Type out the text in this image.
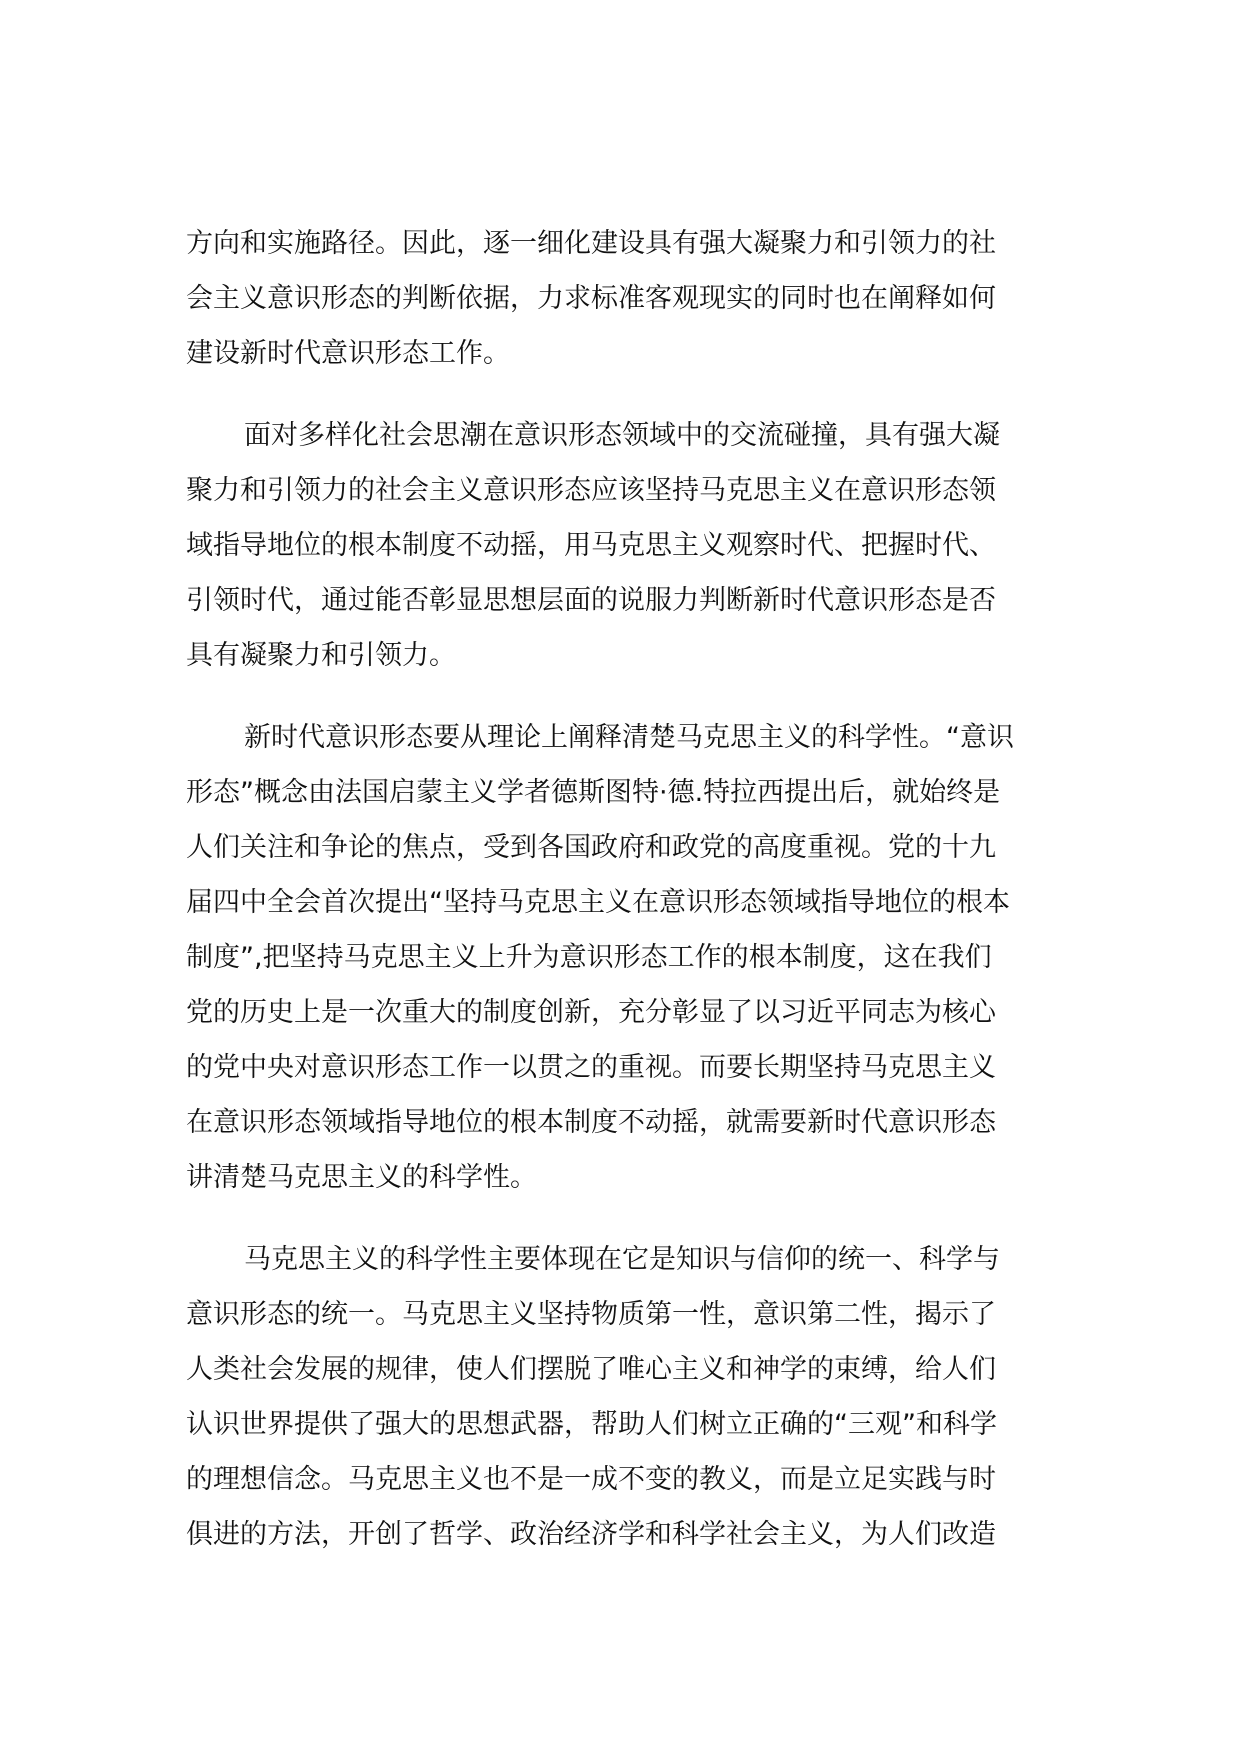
方向和实施路径。因此，逐一细化建设具有强大凝聚力和引领力的社
会主义意识形态的判断依据，力求标准客观现实的同时也在阐释如何
建设新时代意识形态工作。

面对多样化社会思潮在意识形态领域中的交流碰撞，具有强大凝
聚力和引领力的社会主义意识形态应该坚持马克思主义在意识形态领
域指导地位的根本制度不动摇，用马克思主义观察时代、把握时代、
引领时代，通过能否彰显思想层面的说服力判断新时代意识形态是否
具有凝聚力和引领力。

新时代意识形态要从理论上阐释清楚马克思主义的科学性。“意识
形态”概念由法国启蒙主义学者德斯图特·德.特拉西提出后，就始终是
人们关注和争论的焦点，受到各国政府和政党的高度重视。党的十九
届四中全会首次提出“坚持马克思主义在意识形态领域指导地位的根本
制度”,把坚持马克思主义上升为意识形态工作的根本制度，这在我们
党的历史上是一次重大的制度创新，充分彰显了以习近平同志为核心
的党中央对意识形态工作一以贯之的重视。而要长期坚持马克思主义
在意识形态领域指导地位的根本制度不动摇，就需要新时代意识形态
讲清楚马克思主义的科学性。

马克思主义的科学性主要体现在它是知识与信仰的统一、科学与
意识形态的统一。马克思主义坚持物质第一性，意识第二性，揭示了
人类社会发展的规律，使人们摆脱了唯心主义和神学的束缚，给人们
认识世界提供了强大的思想武器，帮助人们树立正确的“三观”和科学
的理想信念。马克思主义也不是一成不变的教义，而是立足实践与时
俱进的方法，开创了哲学、政治经济学和科学社会主义，为人们改造
